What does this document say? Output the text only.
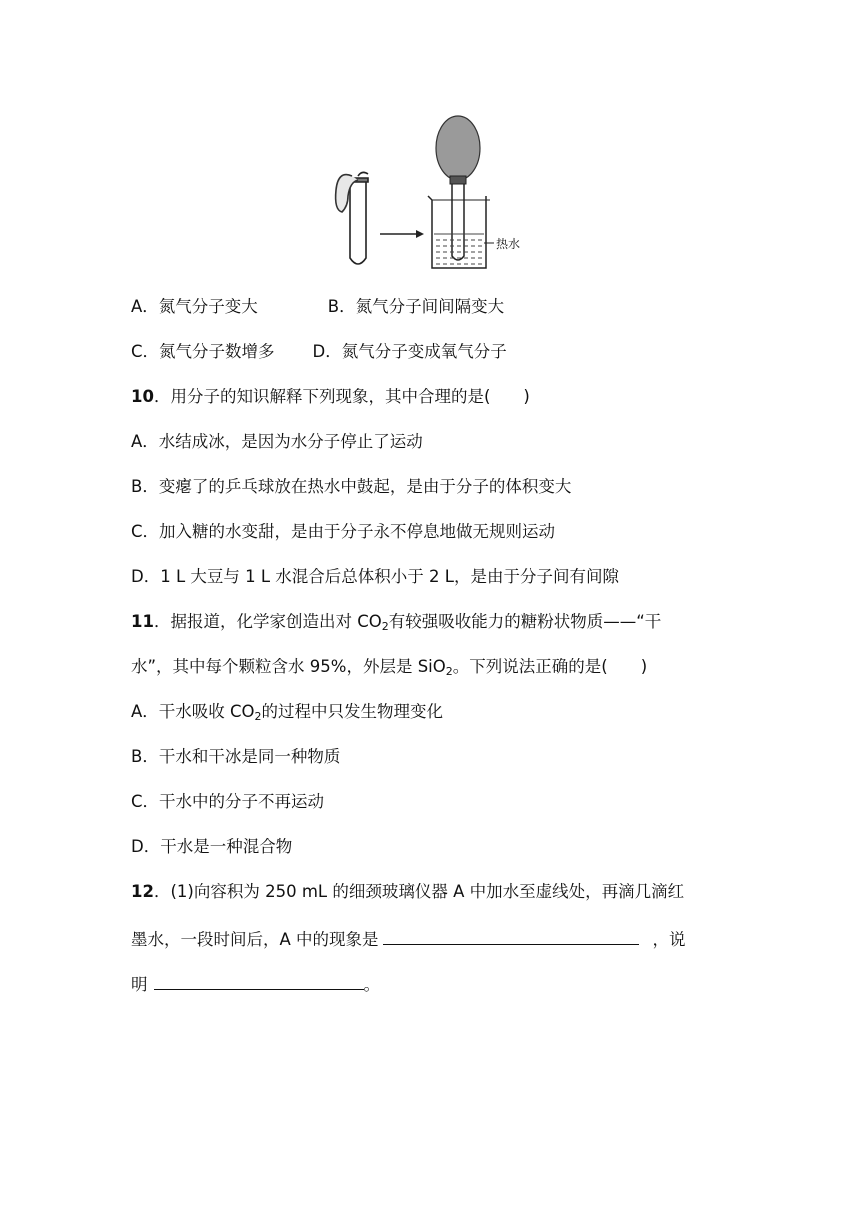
热水
A．氮气分子变大	B．氮气分子间间隔变大
C．氮气分子数增多 D．氮气分子变成氧气分子
10．用分子的知识解释下列现象，其中合理的是(　　)
A．水结成冰，是因为水分子停止了运动
B．变瘪了的乒乓球放在热水中鼓起，是由于分子的体积变大
C．加入糖的水变甜，是由于分子永不停息地做无规则运动
D．1 L 大豆与 1 L 水混合后总体积小于 2 L，是由于分子间有间隙
11．据报道，化学家创造出对 $CO_2$有较强吸收能力的糖粉状物质——“干
水”，其中每个颗粒含水 95%，外层是 SiO$_2$。下列说法正确的是(　　)
A．干水吸收 $CO_2$的过程中只发生物理变化
B．干水和干冰是同一种物质
C．干水中的分子不再运动
D．干水是一种混合物
12．(1)向容积为 250 mL 的细颈玻璃仪器 A 中加水至虚线处，再滴几滴红
墨水，一段时间后，A 中的现象是	，说
明	。
